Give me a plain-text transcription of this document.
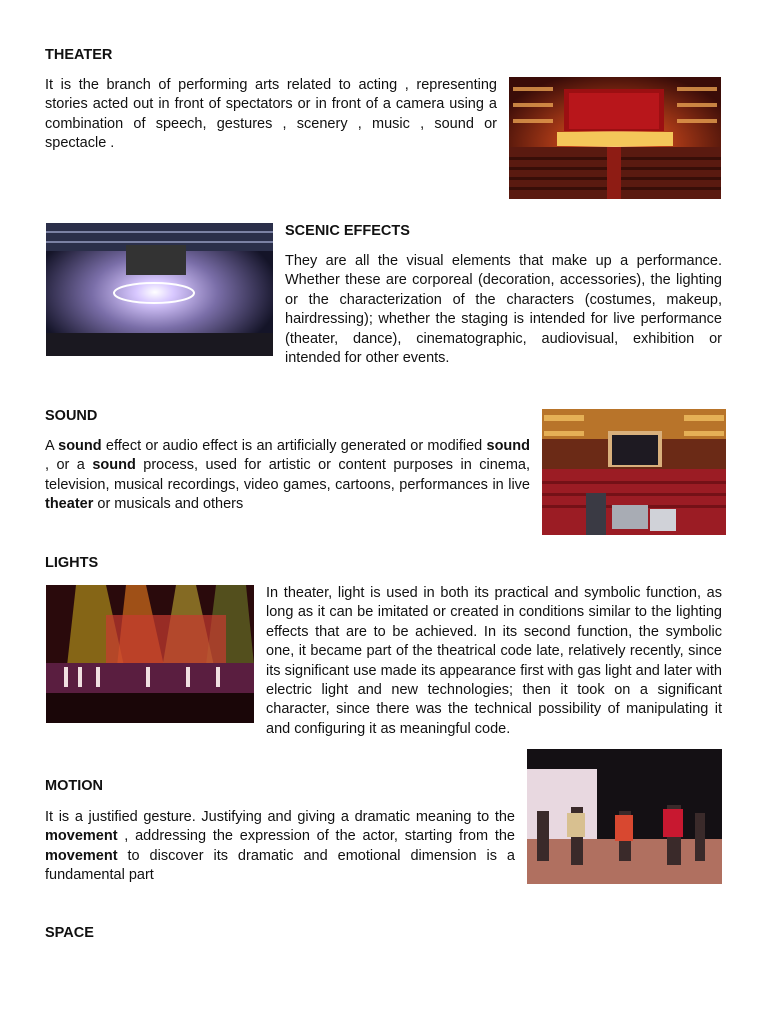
THEATER

It is the branch of performing arts related to acting , representing stories acted out in front of spectators or in front of a camera using a combination of speech, gestures , scenery , music , sound or spectacle .

SCENIC EFFECTS

They are all the visual elements that make up a performance. Whether these are corporeal (decoration, accessories), the lighting or the characterization of the characters (costumes, makeup, hairdressing); whether the staging is intended for live performance (theater, dance), cinematographic, audiovisual, exhibition or intended for other events.

SOUND

A sound effect or audio effect is an artificially generated or modified sound , or a sound process, used for artistic or content purposes in cinema, television, musical recordings, video games, cartoons, performances in live theater or musicals and others

LIGHTS

In theater, light is used in both its practical and symbolic function, as long as it can be imitated or created in conditions similar to the lighting effects that are to be achieved. In its second function, the symbolic one, it became part of the theatrical code late, relatively recently, since its significant use made its appearance first with gas light and later with electric light and new technologies; then it took on a significant character, since there was the technical possibility of manipulating it and configuring it as meaningful code.

MOTION

It is a justified gesture. Justifying and giving a dramatic meaning to the movement , addressing the expression of the actor, starting from the movement to discover its dramatic and emotional dimension is a fundamental part

SPACE
